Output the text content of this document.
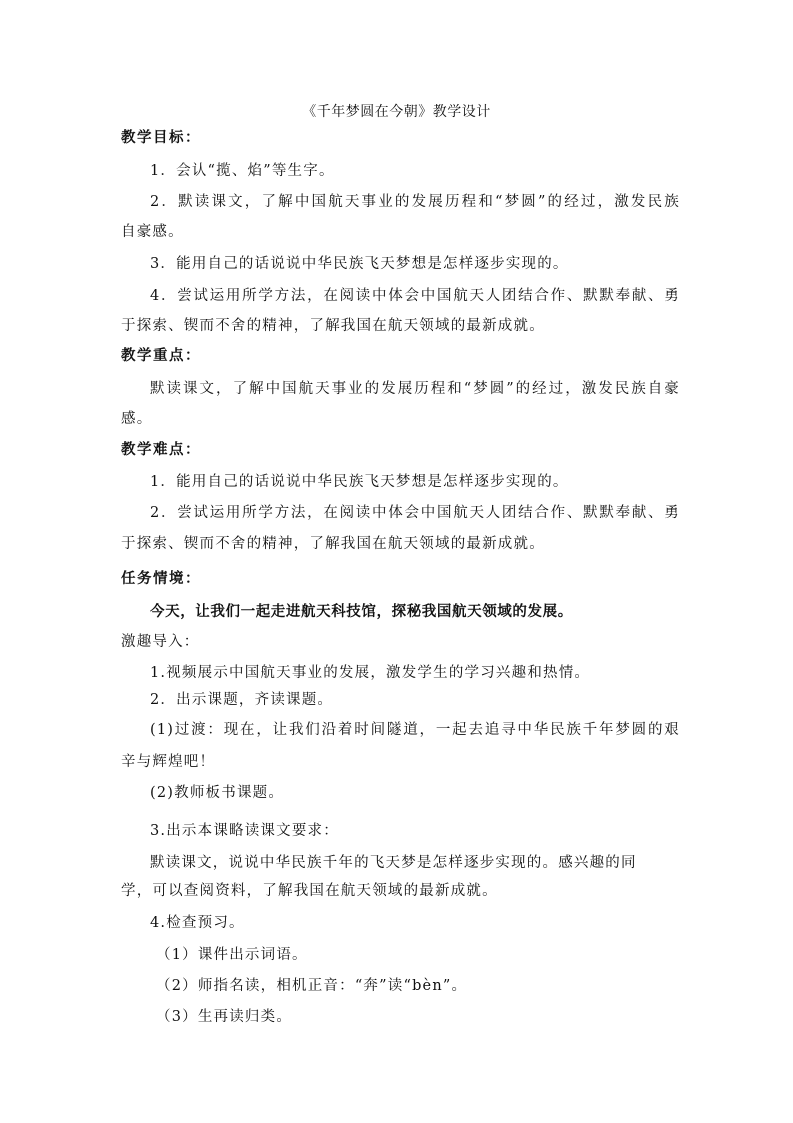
《千年梦圆在今朝》教学设计
教学目标：
1．会认“揽、焰”等生字。
2．默读课文，了解中国航天事业的发展历程和“梦圆”的经过，激发民族
自豪感。
3．能用自己的话说说中华民族飞天梦想是怎样逐步实现的。
4．尝试运用所学方法，在阅读中体会中国航天人团结合作、默默奉献、勇
于探索、锲而不舍的精神，了解我国在航天领域的最新成就。
教学重点：
默读课文，了解中国航天事业的发展历程和“梦圆”的经过，激发民族自豪
感。
教学难点：
1．能用自己的话说说中华民族飞天梦想是怎样逐步实现的。
2．尝试运用所学方法，在阅读中体会中国航天人团结合作、默默奉献、勇
于探索、锲而不舍的精神，了解我国在航天领域的最新成就。
任务情境：
今天，让我们一起走进航天科技馆，探秘我国航天领域的发展。
激趣导入：
1.视频展示中国航天事业的发展，激发学生的学习兴趣和热情。
2．出示课题，齐读课题。
(1)过渡：现在，让我们沿着时间隧道，一起去追寻中华民族千年梦圆的艰
辛与辉煌吧！
(2)教师板书课题。
3.出示本课略读课文要求：
默读课文，说说中华民族千年的飞天梦是怎样逐步实现的。感兴趣的同
学，可以查阅资料，了解我国在航天领域的最新成就。
4.检查预习。
（1）课件出示词语。
（2）师指名读，相机正音：“奔”读“bèn”。
（3）生再读归类。
